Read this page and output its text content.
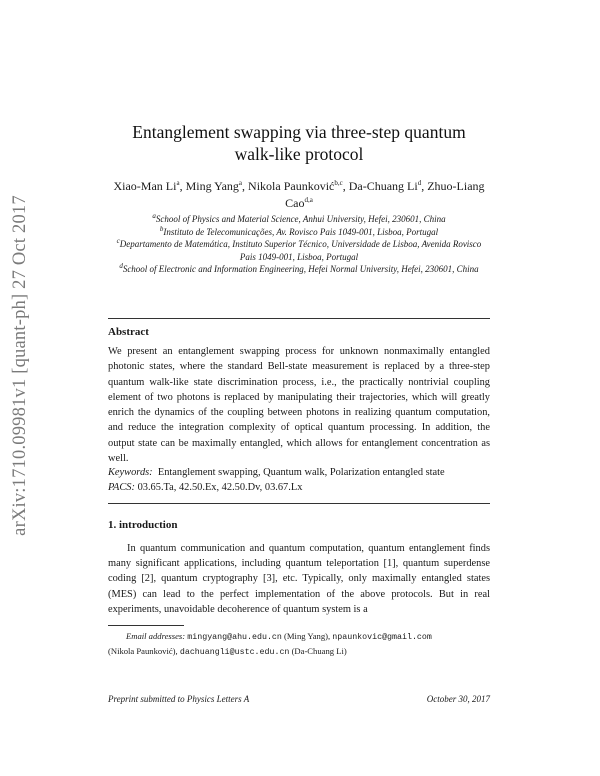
arXiv:1710.09981v1 [quant-ph] 27 Oct 2017
Entanglement swapping via three-step quantum
walk-like protocol
Xiao-Man Li$^a$, Ming Yang$^a$, Nikola Paunković$^{b,c}$, Da-Chuang Li$^d$, Zhuo-Liang Cao$^{d,a}$
$^a$School of Physics and Material Science, Anhui University, Hefei, 230601, China
$^b$Instituto de Telecomunicações, Av. Rovisco Pais 1049-001, Lisboa, Portugal
$^c$Departamento de Matemática, Instituto Superior Técnico, Universidade de Lisboa, Avenida Rovisco Pais 1049-001, Lisboa, Portugal
$^d$School of Electronic and Information Engineering, Hefei Normal University, Hefei, 230601, China
Abstract
We present an entanglement swapping process for unknown nonmaximally entangled photonic states, where the standard Bell-state measurement is replaced by a three-step quantum walk-like state discrimination process, i.e., the practically nontrivial coupling element of two photons is replaced by manipulating their trajectories, which will greatly enrich the dynamics of the coupling between photons in realizing quantum computation, and reduce the integration complexity of optical quantum processing. In addition, the output state can be maximally entangled, which allows for entanglement concentration as well.
Keywords: Entanglement swapping, Quantum walk, Polarization entangled state
PACS: 03.65.Ta, 42.50.Ex, 42.50.Dv, 03.67.Lx
1. introduction
In quantum communication and quantum computation, quantum entanglement finds many significant applications, including quantum teleportation [1], quantum superdense coding [2], quantum cryptography [3], etc. Typically, only maximally entangled states (MES) can lead to the perfect implementation of the above protocols. But in real experiments, unavoidable decoherence of quantum system is a
Email addresses: mingyang@ahu.edu.cn (Ming Yang), npaunkovic@gmail.com
(Nikola Paunković), dachuangli@ustc.edu.cn (Da-Chuang Li)
Preprint submitted to Physics Letters A	October 30, 2017
